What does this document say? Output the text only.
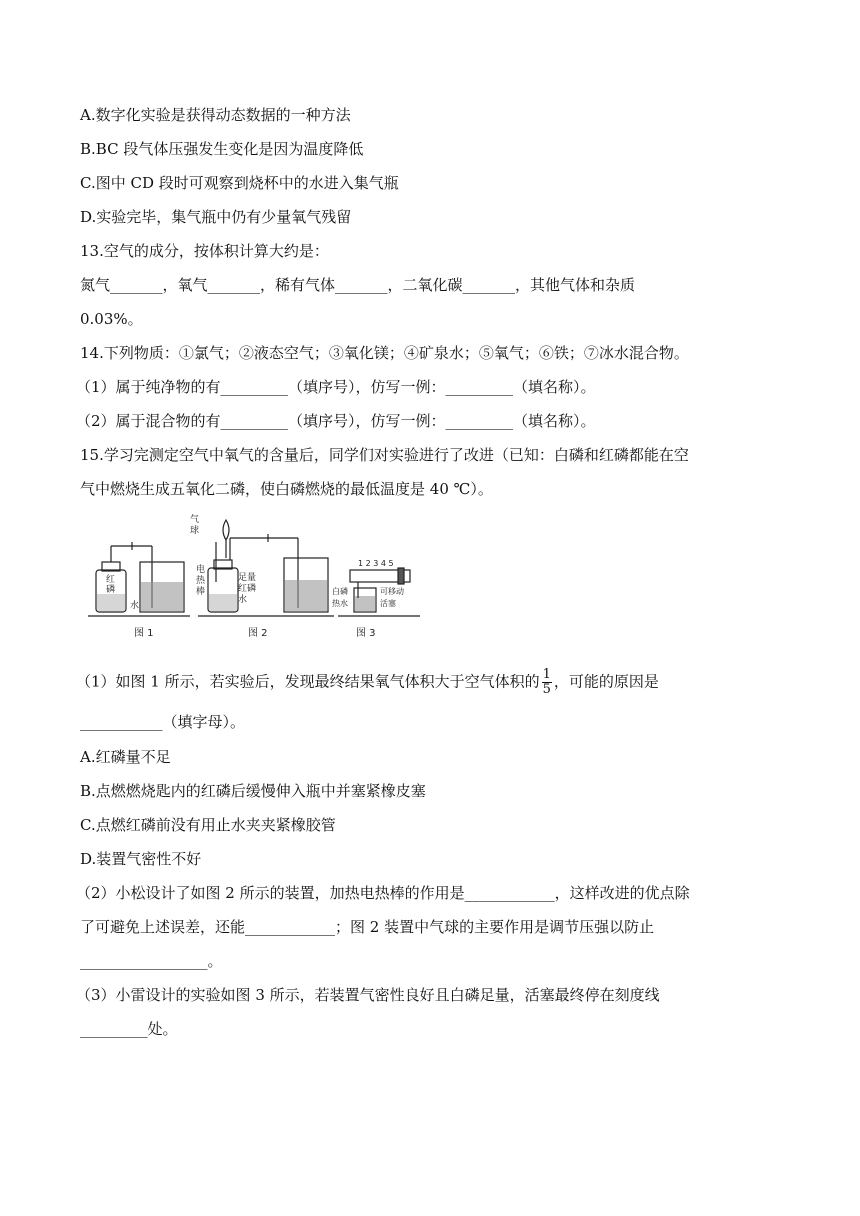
A.数字化实验是获得动态数据的一种方法
B.BC 段气体压强发生变化是因为温度降低
C.图中 CD 段时可观察到烧杯中的水进入集气瓶
D.实验完毕，集气瓶中仍有少量氧气残留
13.空气的成分，按体积计算大约是：
氮气_______，氧气_______，稀有气体_______，二氧化碳_______，其他气体和杂质
0.03%。
14.下列物质：①氯气；②液态空气；③氧化镁；④矿泉水；⑤氧气；⑥铁；⑦冰水混合物。
（1）属于纯净物的有_________（填序号），仿写一例：_________（填名称）。
（2）属于混合物的有_________（填序号），仿写一例：_________（填名称）。
15.学习完测定空气中氧气的含量后，同学们对实验进行了改进（已知：白磷和红磷都能在空
气中燃烧生成五氧化二磷，使白磷燃烧的最低温度是 40 ℃）。
红
磷
水
图 1
气
球
电
热
棒
足量
红磷
水
图 2
1 2 3 4 5
白磷
热水
可移动
活塞
图 3
（1）如图 1 所示，若实验后，发现最终结果氧气体积大于空气体积的 $\frac{1}{5}$ ，可能的原因是
___________（填字母）。
A.红磷量不足
B.点燃燃烧匙内的红磷后缓慢伸入瓶中并塞紧橡皮塞
C.点燃红磷前没有用止水夹夹紧橡胶管
D.装置气密性不好
（2）小松设计了如图 2 所示的装置，加热电热棒的作用是____________，这样改进的优点除
了可避免上述误差，还能____________；图 2 装置中气球的主要作用是调节压强以防止
_________________。
（3）小雷设计的实验如图 3 所示，若装置气密性良好且白磷足量，活塞最终停在刻度线
_________处。
